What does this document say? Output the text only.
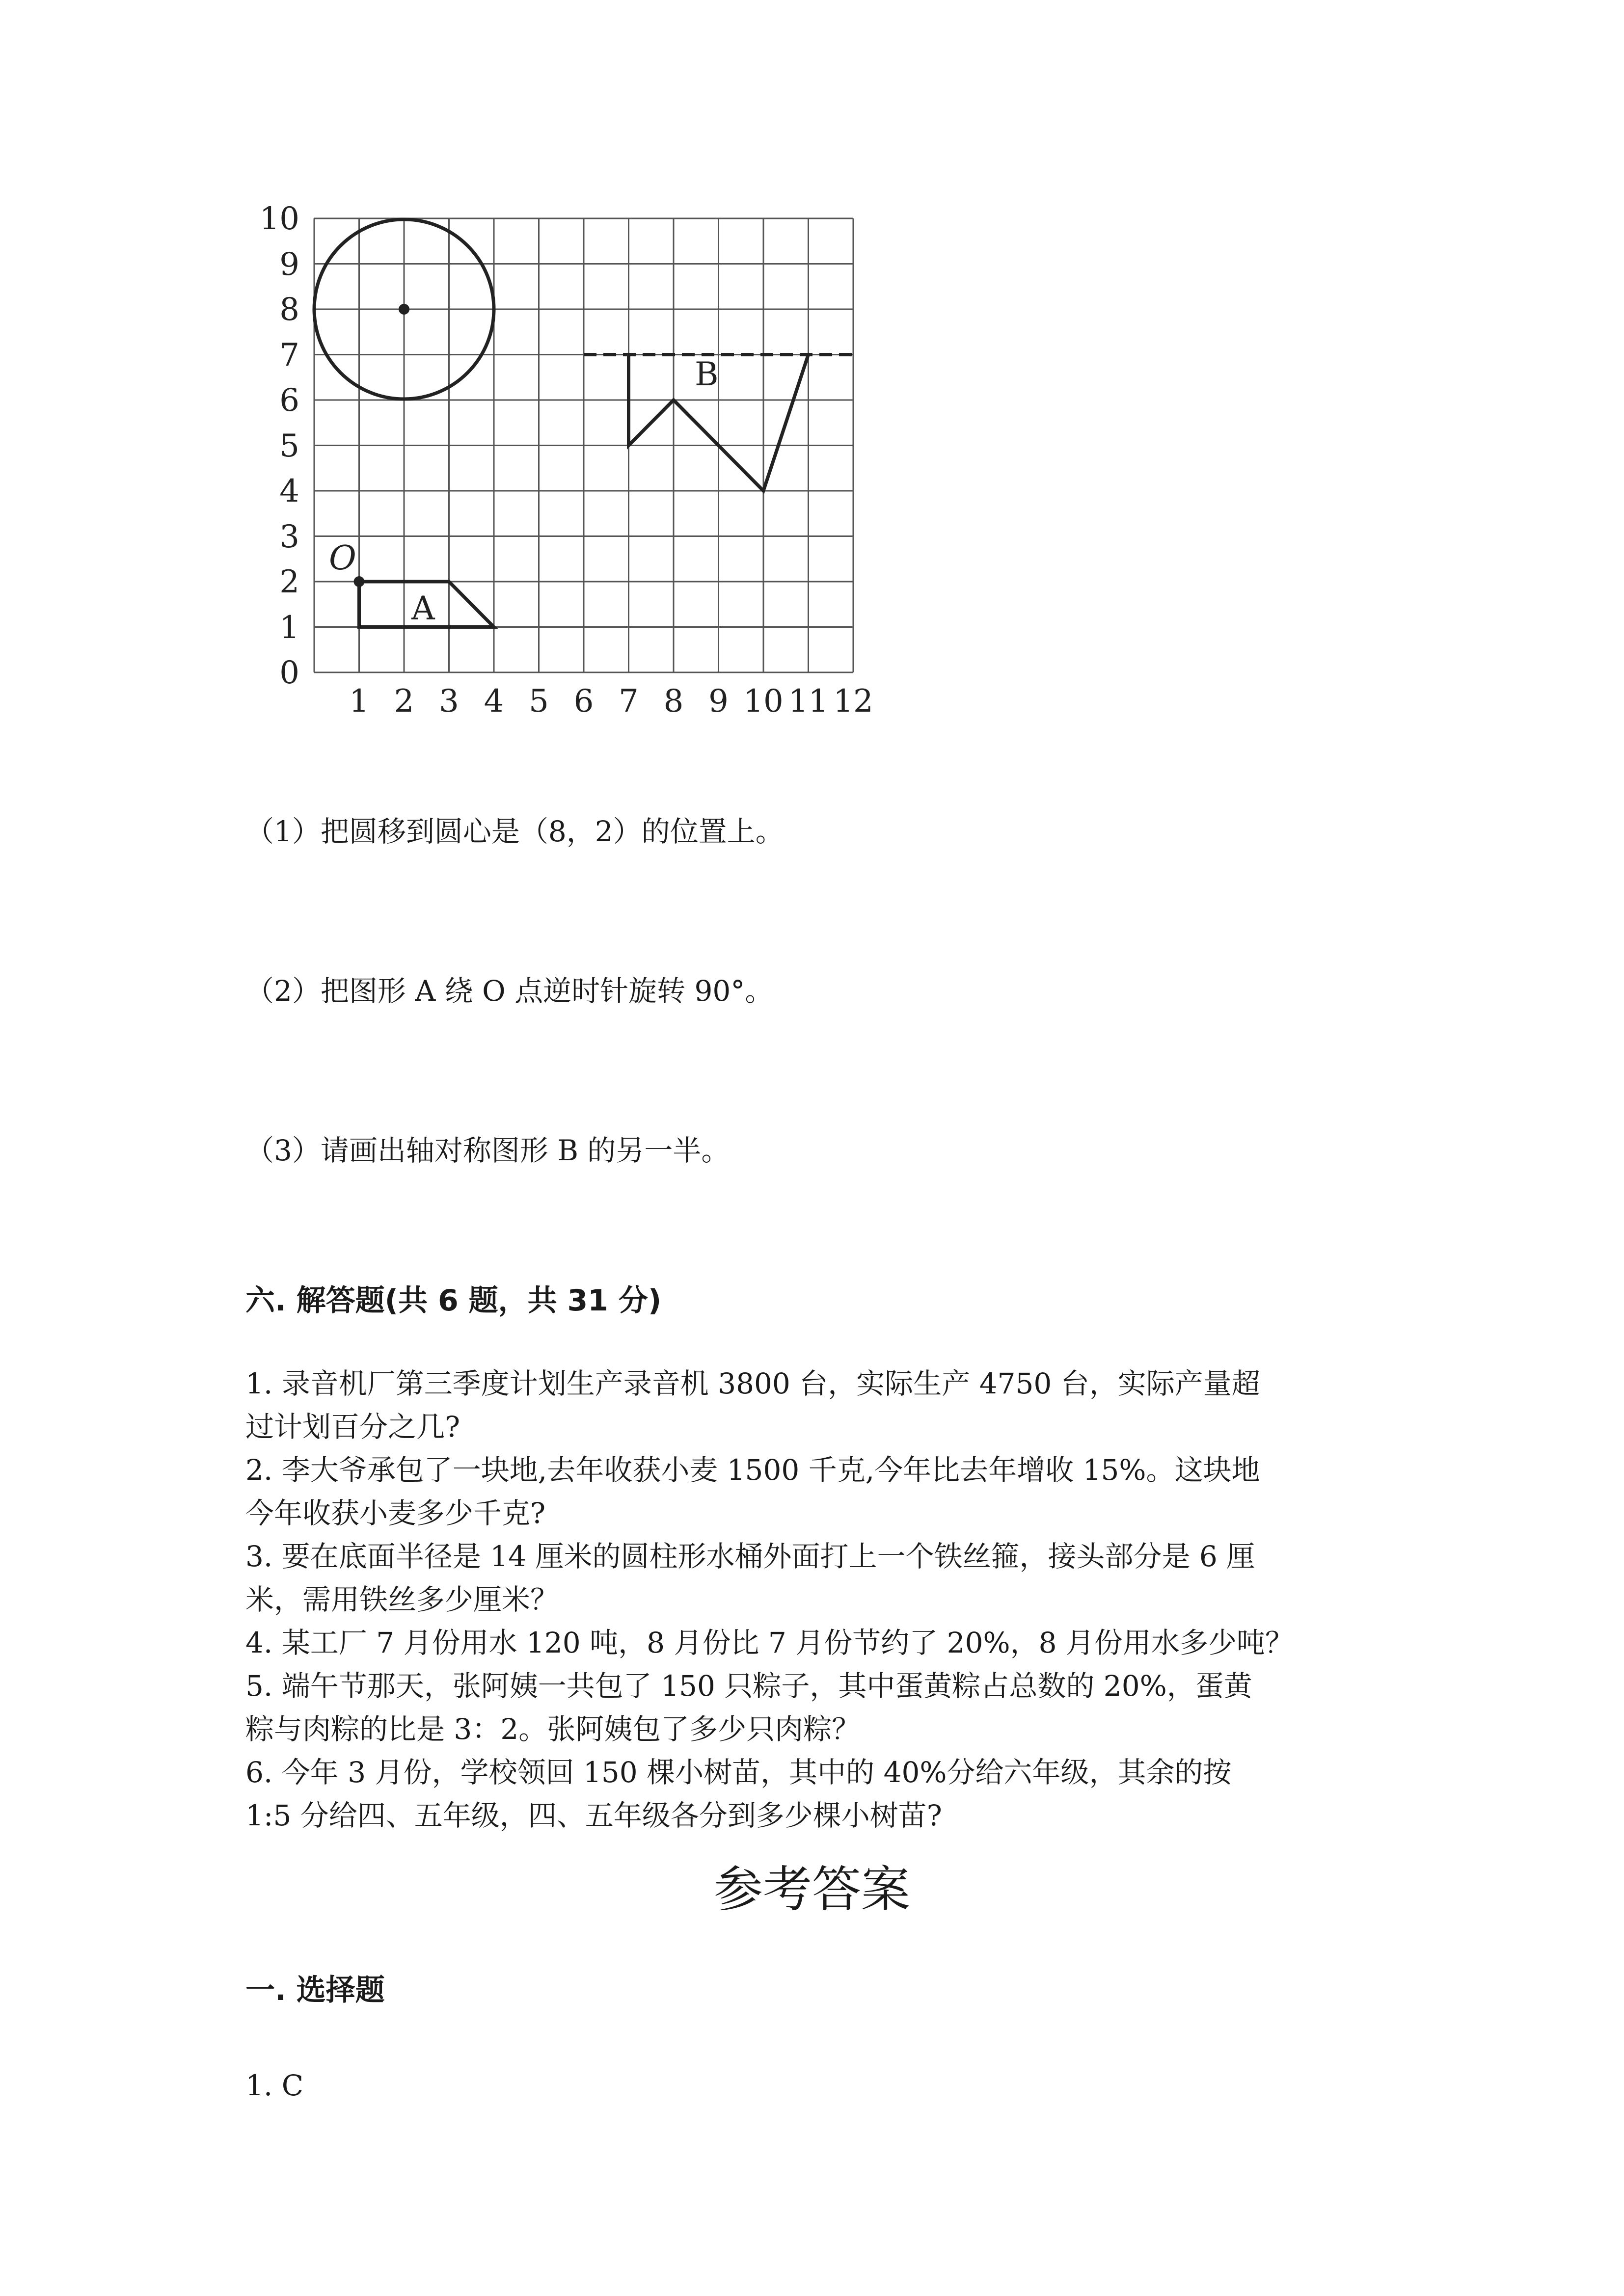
0
1
2
3
4
5
6
7
8
9
10
1 2 3 4 5 6 7 8 9 10 11 12
O
A
B
（1）把圆移到圆心是（8，2）的位置上。
（2）把图形 A 绕 O 点逆时针旋转 90°。
（3）请画出轴对称图形 B 的另一半。
六. 解答题(共 6 题，共 31 分)
1. 录音机厂第三季度计划生产录音机 3800 台，实际生产 4750 台，实际产量超
过计划百分之几?
2. 李大爷承包了一块地,去年收获小麦 1500 千克,今年比去年增收 15%。这块地
今年收获小麦多少千克?
3. 要在底面半径是 14 厘米的圆柱形水桶外面打上一个铁丝箍，接头部分是 6 厘
米，需用铁丝多少厘米？
4. 某工厂 7 月份用水 120 吨，8 月份比 7 月份节约了 20%，8 月份用水多少吨？
5. 端午节那天，张阿姨一共包了 150 只粽子，其中蛋黄粽占总数的 20%，蛋黄
粽与肉粽的比是 3：2。张阿姨包了多少只肉粽？
6. 今年 3 月份，学校领回 150 棵小树苗，其中的 40%分给六年级，其余的按
1:5 分给四、五年级，四、五年级各分到多少棵小树苗?
参考答案
一. 选择题
1. C
